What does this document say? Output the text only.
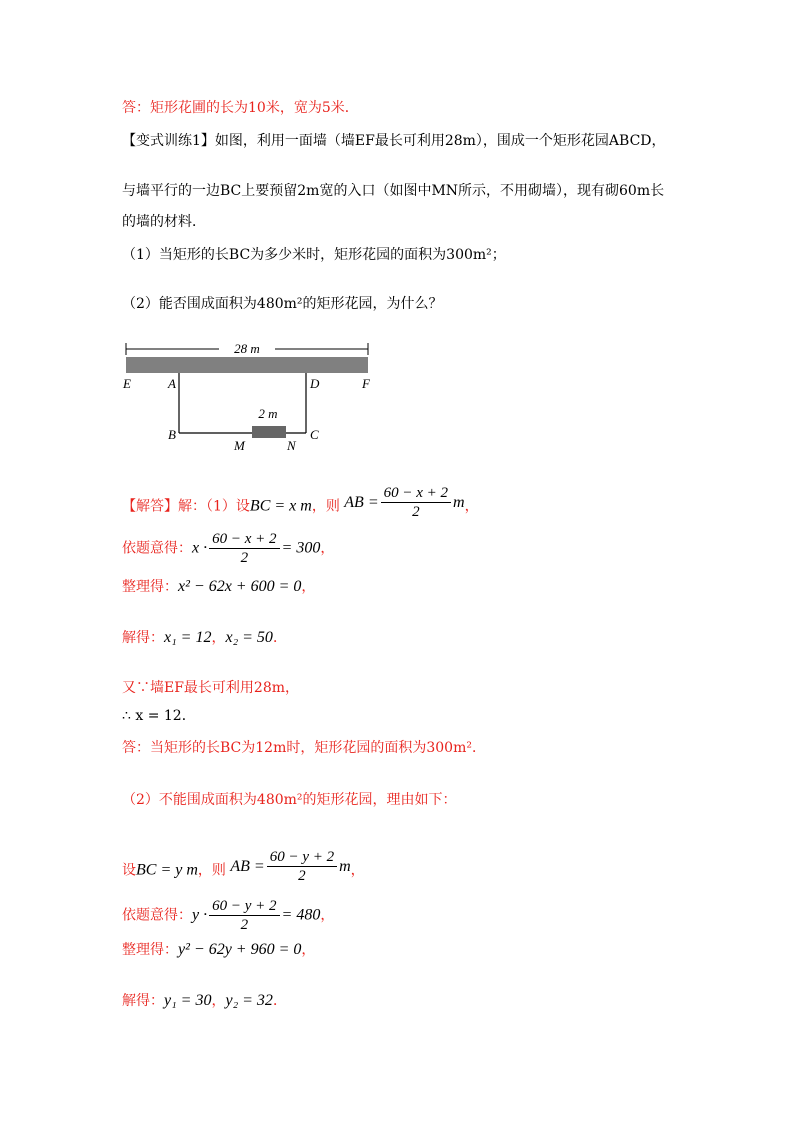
答：矩形花圃的长为10米，宽为5米．
【变式训练1】如图，利用一面墙（墙EF最长可利用28m），围成一个矩形花园ABCD，
与墙平行的一边BC上要预留2m宽的入口（如图中MN所示，不用砌墙），现有砌60m长
的墙的材料．
（1）当矩形的长BC为多少米时，矩形花园的面积为300m²；
（2）能否围成面积为480m²的矩形花园，为什么？
28 m
2 m
E	A	D	F
B
M	N
C
【解答】解：（1）设BC = x m，则 AB = $\frac{60 - x + 2}{2}$ m，
依题意得：$x \cdot \frac{60 - x + 2}{2} = 300$，
整理得：x² − 62x + 600 = 0，
解得：x₁ = 12，x₂ = 50．
又∵墙EF最长可利用28m，
∴ x = 12．
答：当矩形的长BC为12m时，矩形花园的面积为300m²．
（2）不能围成面积为480m²的矩形花园，理由如下：
设BC = y m，则 AB = $\frac{60 - y + 2}{2}$ m，
依题意得：$y \cdot \frac{60 - y + 2}{2} = 480$，
整理得：y² − 62y + 960 = 0，
解得：y₁ = 30，y₂ = 32．
